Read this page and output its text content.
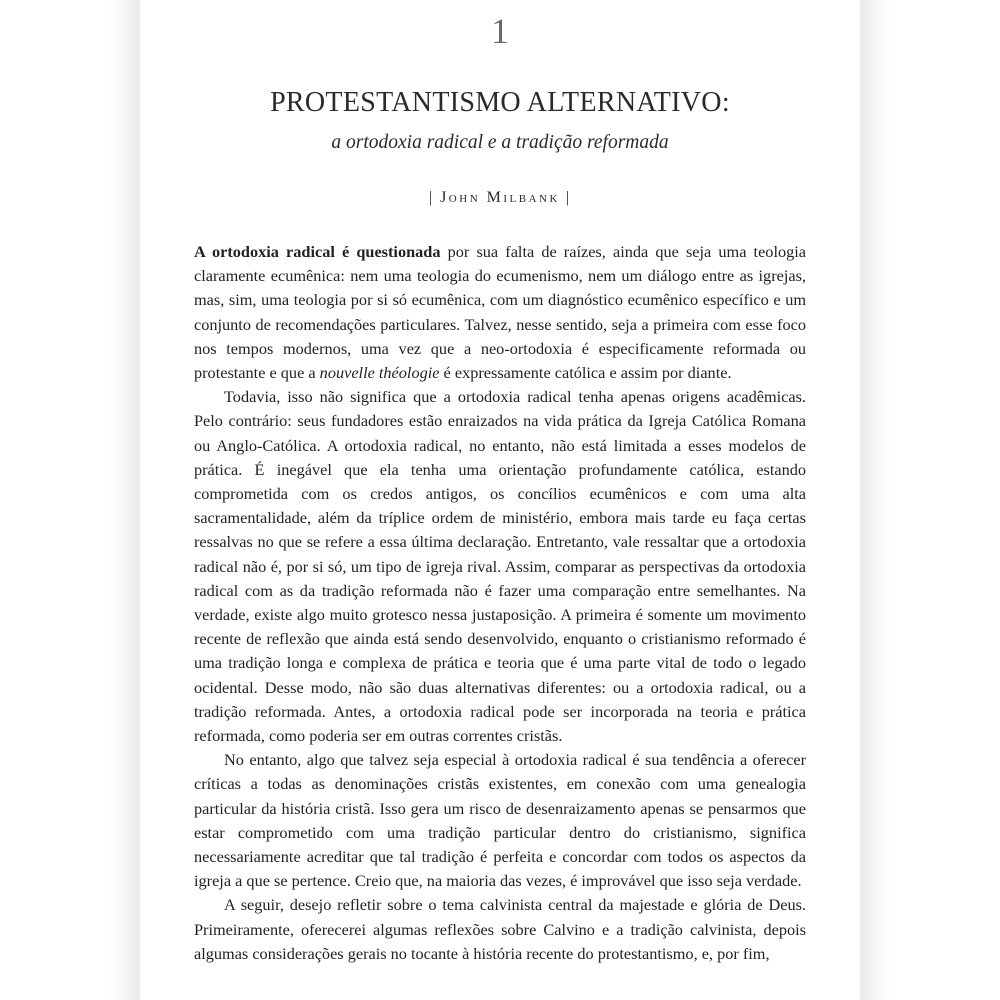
1
PROTESTANTISMO ALTERNATIVO:
a ortodoxia radical e a tradição reformada
| John Milbank |

A ortodoxia radical é questionada por sua falta de raízes, ainda que seja uma teologia claramente ecumênica: nem uma teologia do ecumenismo, nem um diálogo entre as igrejas, mas, sim, uma teologia por si só ecumênica, com um diagnóstico ecumênico específico e um conjunto de recomendações particulares. Talvez, nesse sentido, seja a primeira com esse foco nos tempos modernos, uma vez que a neo-ortodoxia é especificamente reformada ou protestante e que a nouvelle théologie é expressamente católica e assim por diante.

Todavia, isso não significa que a ortodoxia radical tenha apenas origens acadêmicas. Pelo contrário: seus fundadores estão enraizados na vida prática da Igreja Católica Romana ou Anglo-Católica. A ortodoxia radical, no entanto, não está limitada a esses modelos de prática. É inegável que ela tenha uma orientação profundamente católica, estando comprometida com os credos antigos, os concílios ecumênicos e com uma alta sacramentalidade, além da tríplice ordem de ministério, embora mais tarde eu faça certas ressalvas no que se refere a essa última declaração. Entretanto, vale ressaltar que a ortodoxia radical não é, por si só, um tipo de igreja rival. Assim, comparar as perspectivas da ortodoxia radical com as da tradição reformada não é fazer uma comparação entre semelhantes. Na verdade, existe algo muito grotesco nessa justaposição. A primeira é somente um movimento recente de reflexão que ainda está sendo desenvolvido, enquanto o cristianismo reformado é uma tradição longa e complexa de prática e teoria que é uma parte vital de todo o legado ocidental. Desse modo, não são duas alternativas diferentes: ou a ortodoxia radical, ou a tradição reformada. Antes, a ortodoxia radical pode ser incorporada na teoria e prática reformada, como poderia ser em outras correntes cristãs.

No entanto, algo que talvez seja especial à ortodoxia radical é sua tendência a oferecer críticas a todas as denominações cristãs existentes, em conexão com uma genealogia particular da história cristã. Isso gera um risco de desenraizamento apenas se pensarmos que estar comprometido com uma tradição particular dentro do cristianismo, significa necessariamente acreditar que tal tradição é perfeita e concordar com todos os aspectos da igreja a que se pertence. Creio que, na maioria das vezes, é improvável que isso seja verdade.

A seguir, desejo refletir sobre o tema calvinista central da majestade e glória de Deus. Primeiramente, oferecerei algumas reflexões sobre Calvino e a tradição calvinista, depois algumas considerações gerais no tocante à história recente do protestantismo, e, por fim,
